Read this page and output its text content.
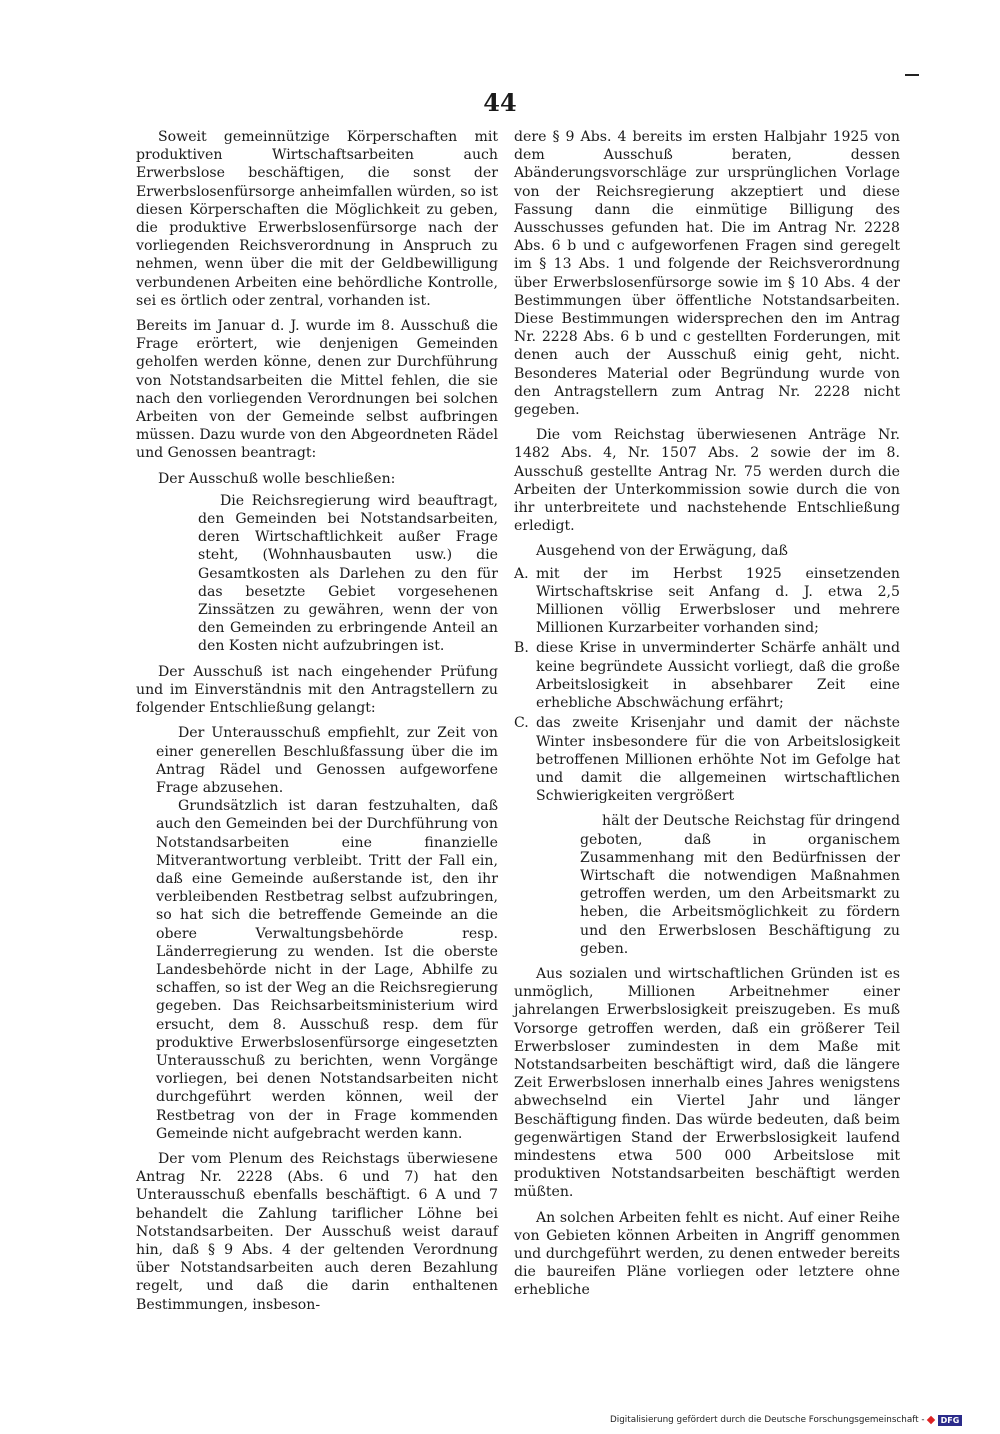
44

Soweit gemeinnützige Körperschaften mit produktiven Wirtschaftsarbeiten auch Erwerbslose beschäftigen, die sonst der Erwerbslosenfürsorge anheimfallen würden, so ist diesen Körperschaften die Möglichkeit zu geben, die produktive Erwerbslosenfürsorge nach der vorliegenden Reichsverordnung in Anspruch zu nehmen, wenn über die mit der Geldbewilligung verbundenen Arbeiten eine behördliche Kontrolle, sei es örtlich oder zentral, vorhanden ist.

Bereits im Januar d. J. wurde im 8. Ausschuß die Frage erörtert, wie denjenigen Gemeinden geholfen werden könne, denen zur Durchführung von Notstandsarbeiten die Mittel fehlen, die sie nach den vorliegenden Verordnungen bei solchen Arbeiten von der Gemeinde selbst aufbringen müssen. Dazu wurde von den Abgeordneten Rädel und Genossen beantragt:

Der Ausschuß wolle beschließen:

Die Reichsregierung wird beauftragt, den Gemeinden bei Notstandsarbeiten, deren Wirtschaftlichkeit außer Frage steht, (Wohnhausbauten usw.) die Gesamtkosten als Darlehen zu den für das besetzte Gebiet vorgesehenen Zinssätzen zu gewähren, wenn der von den Gemeinden zu erbringende Anteil an den Kosten nicht aufzubringen ist.

Der Ausschuß ist nach eingehender Prüfung und im Einverständnis mit den Antragstellern zu folgender Entschließung gelangt:

Der Unterausschuß empfiehlt, zur Zeit von einer generellen Beschlußfassung über die im Antrag Rädel und Genossen aufgeworfene Frage abzusehen.

Grundsätzlich ist daran festzuhalten, daß auch den Gemeinden bei der Durchführung von Notstandsarbeiten eine finanzielle Mitverantwortung verbleibt. Tritt der Fall ein, daß eine Gemeinde außerstande ist, den ihr verbleibenden Restbetrag selbst aufzubringen, so hat sich die betreffende Gemeinde an die obere Verwaltungsbehörde resp. Länderregierung zu wenden. Ist die oberste Landesbehörde nicht in der Lage, Abhilfe zu schaffen, so ist der Weg an die Reichsregierung gegeben. Das Reichsarbeitsministerium wird ersucht, dem 8. Ausschuß resp. dem für produktive Erwerbslosenfürsorge eingesetzten Unterausschuß zu berichten, wenn Vorgänge vorliegen, bei denen Notstandsarbeiten nicht durchgeführt werden können, weil der Restbetrag von der in Frage kommenden Gemeinde nicht aufgebracht werden kann.

Der vom Plenum des Reichstags überwiesene Antrag Nr. 2228 (Abs. 6 und 7) hat den Unterausschuß ebenfalls beschäftigt. 6 A und 7 behandelt die Zahlung tariflicher Löhne bei Notstandsarbeiten. Der Ausschuß weist darauf hin, daß § 9 Abs. 4 der geltenden Verordnung über Notstandsarbeiten auch deren Bezahlung regelt, und daß die darin enthaltenen Bestimmungen, insbeson-

dere § 9 Abs. 4 bereits im ersten Halbjahr 1925 von dem Ausschuß beraten, dessen Abänderungsvorschläge zur ursprünglichen Vorlage von der Reichsregierung akzeptiert und diese Fassung dann die einmütige Billigung des Ausschusses gefunden hat. Die im Antrag Nr. 2228 Abs. 6 b und c aufgeworfenen Fragen sind geregelt im § 13 Abs. 1 und folgende der Reichsverordnung über Erwerbslosenfürsorge sowie im § 10 Abs. 4 der Bestimmungen über öffentliche Notstandsarbeiten. Diese Bestimmungen widersprechen den im Antrag Nr. 2228 Abs. 6 b und c gestellten Forderungen, mit denen auch der Ausschuß einig geht, nicht. Besonderes Material oder Begründung wurde von den Antragstellern zum Antrag Nr. 2228 nicht gegeben.

Die vom Reichstag überwiesenen Anträge Nr. 1482 Abs. 4, Nr. 1507 Abs. 2 sowie der im 8. Ausschuß gestellte Antrag Nr. 75 werden durch die Arbeiten der Unterkommission sowie durch die von ihr unterbreitete und nachstehende Entschließung erledigt.

Ausgehend von der Erwägung, daß

A. mit der im Herbst 1925 einsetzenden Wirtschaftskrise seit Anfang d. J. etwa 2,5 Millionen völlig Erwerbsloser und mehrere Millionen Kurzarbeiter vorhanden sind;
B. diese Krise in unverminderter Schärfe anhält und keine begründete Aussicht vorliegt, daß die große Arbeitslosigkeit in absehbarer Zeit eine erhebliche Abschwächung erfährt;
C. das zweite Krisenjahr und damit der nächste Winter insbesondere für die von Arbeitslosigkeit betroffenen Millionen erhöhte Not im Gefolge hat und damit die allgemeinen wirtschaftlichen Schwierigkeiten vergrößert

hält der Deutsche Reichstag für dringend geboten, daß in organischem Zusammenhang mit den Bedürfnissen der Wirtschaft die notwendigen Maßnahmen getroffen werden, um den Arbeitsmarkt zu heben, die Arbeitsmöglichkeit zu fördern und den Erwerbslosen Beschäftigung zu geben.

Aus sozialen und wirtschaftlichen Gründen ist es unmöglich, Millionen Arbeitnehmer einer jahrelangen Erwerbslosigkeit preiszugeben. Es muß Vorsorge getroffen werden, daß ein größerer Teil Erwerbsloser zumindesten in dem Maße mit Notstandsarbeiten beschäftigt wird, daß die längere Zeit Erwerbslosen innerhalb eines Jahres wenigstens abwechselnd ein Viertel Jahr und länger Beschäftigung finden. Das würde bedeuten, daß beim gegenwärtigen Stand der Erwerbslosigkeit laufend mindestens etwa 500 000 Arbeitslose mit produktiven Notstandsarbeiten beschäftigt werden müßten.

An solchen Arbeiten fehlt es nicht. Auf einer Reihe von Gebieten können Arbeiten in Angriff genommen und durchgeführt werden, zu denen entweder bereits die baureifen Pläne vorliegen oder letztere ohne erhebliche

Digitalisierung gefördert durch die Deutsche Forschungsgemeinschaft -	DFG
